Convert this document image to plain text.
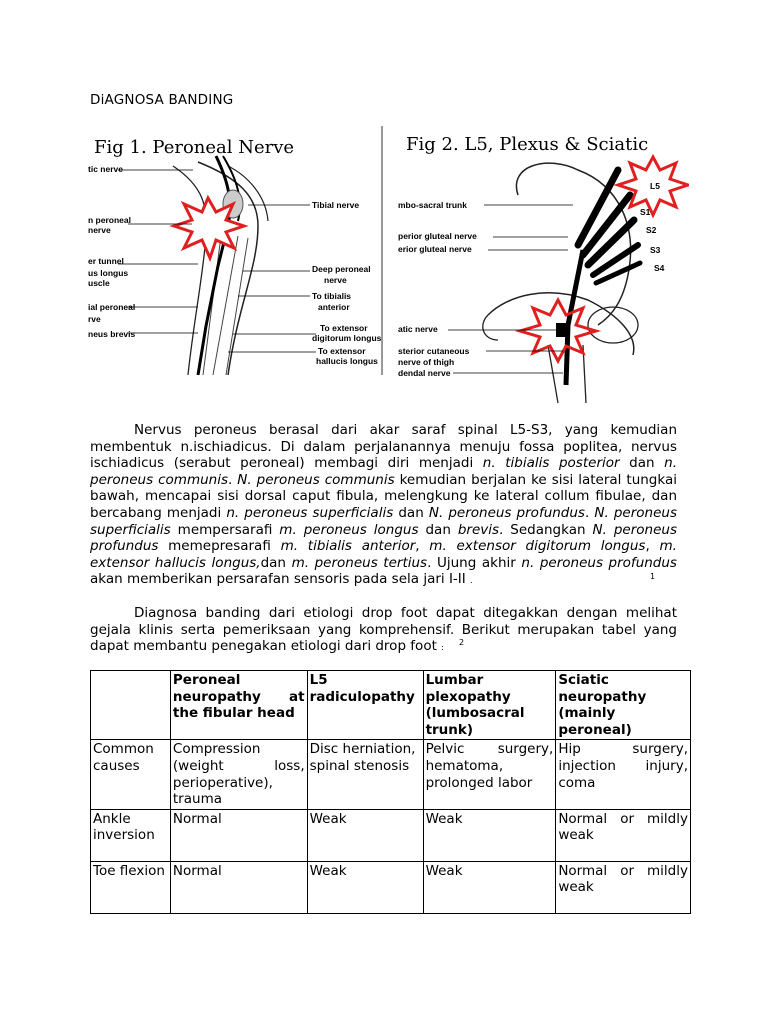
DiAGNOSA BANDING
Fig 1. Peroneal Nerve
tic nerve
n peroneal
nerve
er tunnel
us longus
uscle
ial peroneal
rve
neus brevis
Tibial nerve
Deep peroneal
nerve
To tibialis
anterior
To extensor
digitorum longus
To extensor
hallucis longus
Fig 2. L5, Plexus & Sciatic
mbo-sacral trunk
perior gluteal nerve
erior gluteal nerve
atic nerve
sterior cutaneous
nerve of thigh
dendal nerve
L5
S1
S2
S3
S4
Nervus peroneus berasal dari akar saraf spinal L5-S3, yang kemudian membentuk n.ischiadicus. Di dalam perjalanannya menuju fossa poplitea, nervus ischiadicus (serabut peroneal) membagi diri menjadi n. tibialis posterior dan n. peroneus communis. N. peroneus communis kemudian berjalan ke sisi lateral tungkai bawah, mencapai sisi dorsal caput fibula, melengkung ke lateral collum fibulae, dan bercabang menjadi n. peroneus superficialis dan N. peroneus profundus. N. peroneus superficialis mempersarafi m. peroneus longus dan brevis. Sedangkan N. peroneus profundus memepresarafi m. tibialis anterior, m. extensor digitorum longus, m. extensor hallucis longus,dan m. peroneus tertius. Ujung akhir n. peroneus profundus akan memberikan persarafan sensoris pada sela jari I-II .	1
Diagnosa banding dari etiologi drop foot dapat ditegakkan dengan melihat gejala klinis serta pemeriksaan yang komprehensif. Berikut merupakan tabel yang dapat membantu penegakan etiologi dari drop foot :
2
	Peroneal neuropathy at the fibular head	L5 radiculopathy	Lumbar plexopathy (lumbosacral trunk)	Sciatic neuropathy (mainly peroneal)
Common causes	Compression (weight loss, perioperative), trauma	Disc herniation, spinal stenosis	Pelvic surgery, hematoma, prolonged labor	Hip surgery, injection injury, coma
Ankle inversion	Normal	Weak	Weak	Normal or mildly weak
Toe flexion	Normal	Weak	Weak	Normal or mildly weak
